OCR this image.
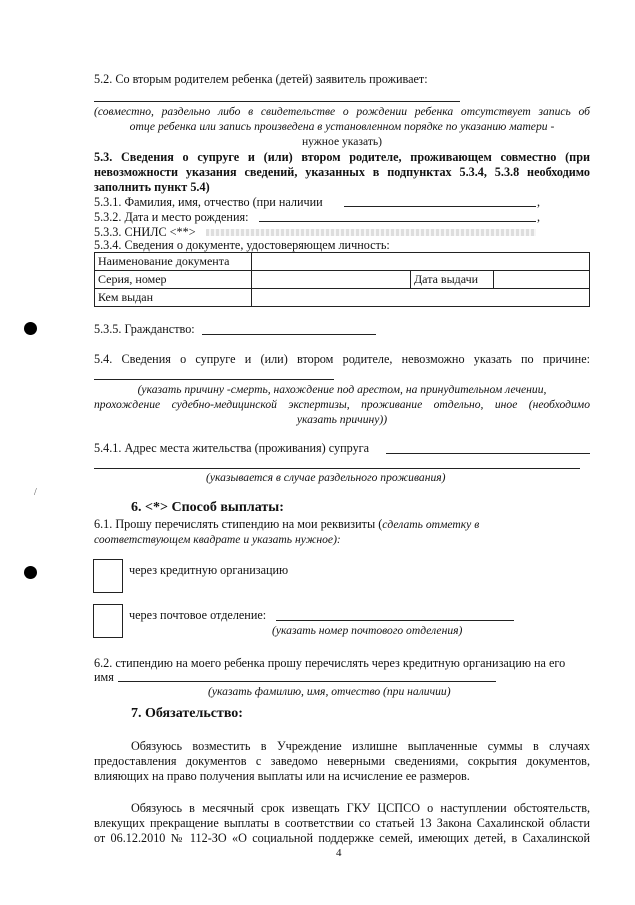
/
5.2. Со вторым родителем ребенка (детей) заявитель проживает:
(совместно, раздельно либо в свидетельстве о рождении ребенка отсутствует запись об
отце ребенка или запись произведена в установленном порядке по указанию матери -
нужное указать)
5.3. Сведения о супруге и (или) втором родителе, проживающем совместно (при
невозможности указания сведений, указанных в подпунктах 5.3.4, 5.3.8 необходимо
заполнить пункт 5.4)
5.3.1. Фамилия, имя, отчество (при наличии	,
5.3.2. Дата и место рождения:	,
5.3.3. СНИЛС <**>
5.3.4. Сведения о документе, удостоверяющем личность:
Наименование документа			
Серия, номер		Дата выдачи	
Кем выдан			
5.3.5. Гражданство:
5.4. Сведения о супруге и (или) втором родителе, невозможно указать по причине:
(указать причину -смерть, нахождение под арестом, на принудительном лечении,
прохождение судебно-медицинской экспертизы, проживание отдельно, иное (необходимо
указать причину))
5.4.1. Адрес места жительства (проживания) супруга
(указывается в случае раздельного проживания)
6. <*> Способ выплаты:
6.1. Прошу перечислять стипендию на мои реквизиты (сделать отметку в
соответствующем квадрате и указать нужное):
через кредитную организацию
через почтовое отделение:
(указать номер почтового отделения)
6.2. стипендию на моего ребенка прошу перечислять через кредитную организацию на его
имя
(указать фамилию, имя, отчество (при наличии)
7. Обязательство:
Обязуюсь возместить в Учреждение излишне выплаченные суммы в случаях
предоставления документов с заведомо неверными сведениями, сокрытия документов,
влияющих на право получения выплаты или на исчисление ее размеров.
Обязуюсь в месячный срок извещать ГКУ ЦСПСО о наступлении обстоятельств,
влекущих прекращение выплаты в соответствии со статьей 13 Закона Сахалинской области
от 06.12.2010 № 112-ЗО «О социальной поддержке семей, имеющих детей, в Сахалинской
4
